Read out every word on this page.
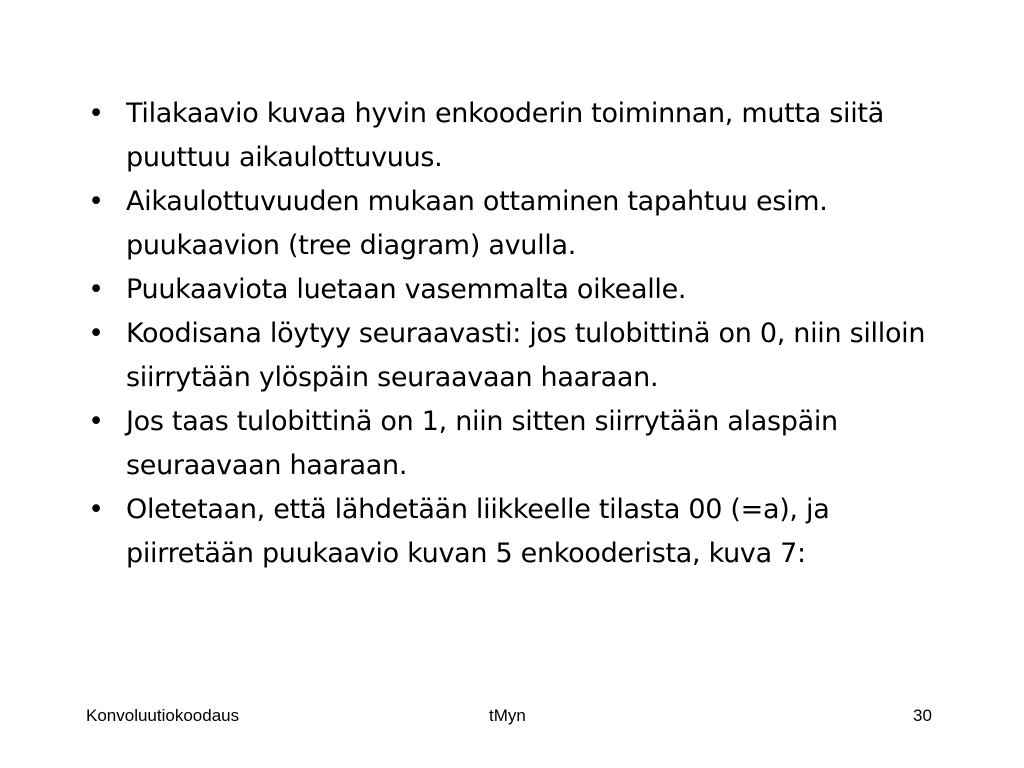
• Tilakaavio kuvaa hyvin enkooderin toiminnan, mutta siitä puuttuu aikaulottuvuus.
• Aikaulottuvuuden mukaan ottaminen tapahtuu esim. puukaavion (tree diagram) avulla.
• Puukaaviota luetaan vasemmalta oikealle.
• Koodisana löytyy seuraavasti: jos tulobittinä on 0, niin silloin siirrytään ylöspäin seuraavaan haaraan.
• Jos taas tulobittinä on 1, niin sitten siirrytään alaspäin seuraavaan haaraan.
• Oletetaan, että lähdetään liikkeelle tilasta 00 (=a), ja piirretään puukaavio kuvan 5 enkooderista, kuva 7:
Konvoluutiokoodaus	tMyn	30
